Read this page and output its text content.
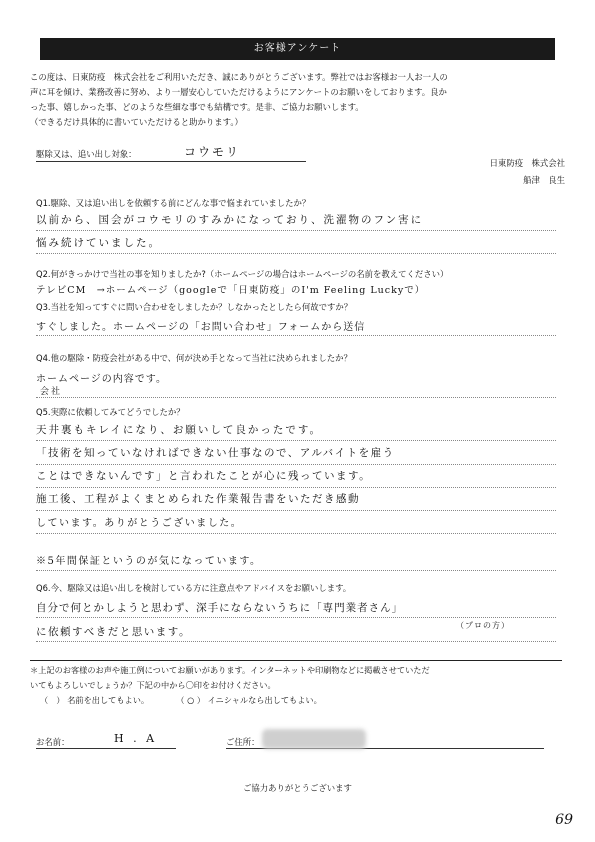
お客様アンケート
この度は、日東防疫　株式会社をご利用いただき、誠にありがとうございます。弊社ではお客様お一人お一人の
声に耳を傾け、業務改善に努め、より一層安心していただけるようにアンケートのお願いをしております。良か
った事、嬉しかった事、どのような些細な事でも結構です。是非、ご協力お願いします。
（できるだけ具体的に書いていただけると助かります。）
駆除又は、追い出し対象：	コウモリ
日東防疫　株式会社
船津　良生
Q1.駆除、又は追い出しを依頼する前にどんな事で悩まれていましたか？
以前から、国会がコウモリのすみかになっており、洗濯物のフン害に
悩み続けていました。
Q2.何がきっかけで当社の事を知りましたか?（ホームページの場合はホームページの名前を教えてください）
テレビCM　→ホームページ（googleで「日東防疫」のI'm Feeling Luckyで）
Q3.当社を知ってすぐに問い合わせをしましたか？しなかったとしたら何故ですか？
すぐしました。ホームページの「お問い合わせ」フォームから送信
Q4.他の駆除・防疫会社がある中で、何が決め手となって当社に決められましたか？
ホームページの内容です。
会社
Q5.実際に依頼してみてどうでしたか？
天井裏もキレイになり、お願いして良かったです。
「技術を知っていなければできない仕事なので、アルバイトを雇う
ことはできないんです」と言われたことが心に残っています。
施工後、工程がよくまとめられた作業報告書をいただき感動
しています。ありがとうございました。
※5年間保証というのが気になっています。
Q6.今、駆除又は追い出しを検討している方に注意点やアドバイスをお願いします。
自分で何とかしようと思わず、深手にならないうちに「専門業者さん」
に依頼すべきだと思います。
（プロの方）
＊上記のお客様のお声や施工例についてお願いがあります。インターネットや印刷物などに掲載させていただ
いてもよろしいでしょうか？下記の中から〇印をお付けください。
（　） 名前を出してもよい。	（ ○ ） イニシャルなら出してもよい。
お名前：	H . A	ご住所：
ご協力ありがとうございます
69
